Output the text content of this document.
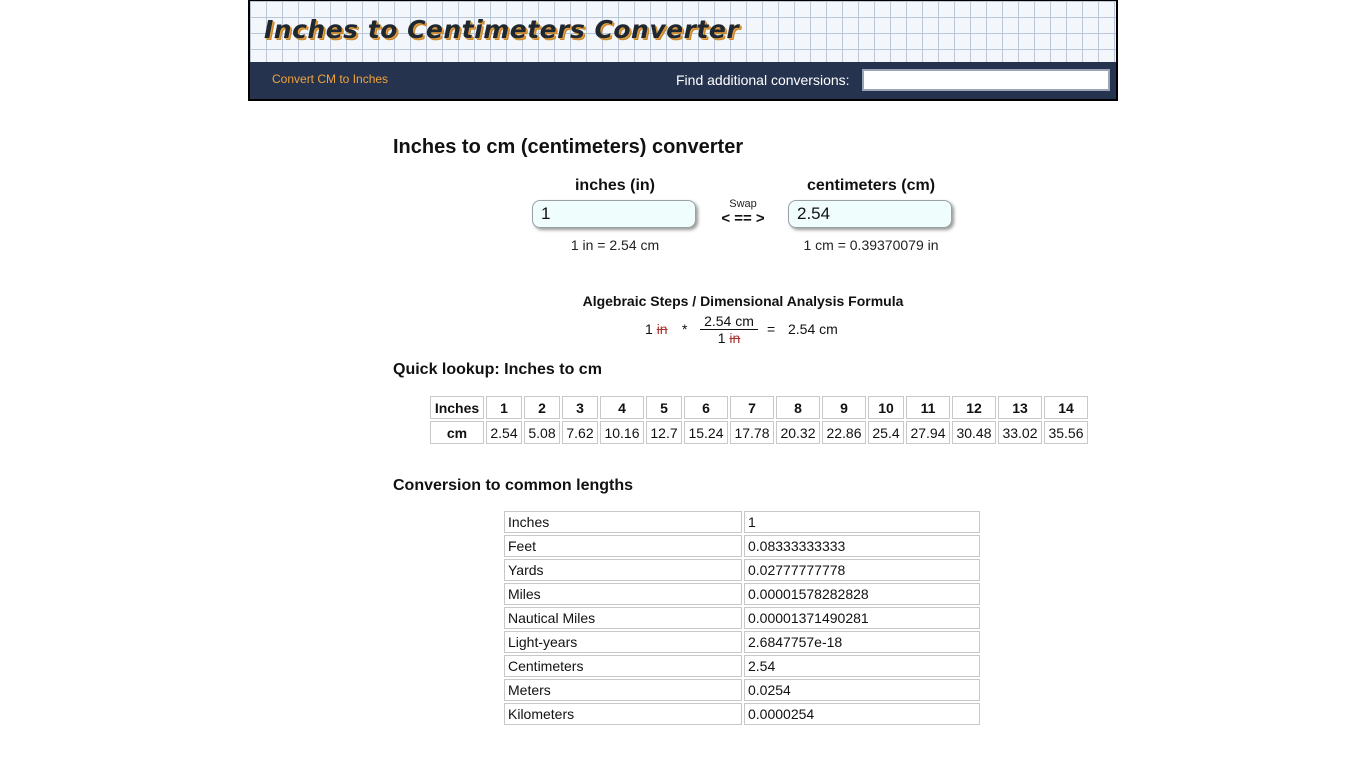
Inches to Centimeters Converter
Convert CM to Inches	Find additional conversions:
Inches to cm (centimeters) converter
inches (in)
1
1 in = 2.54 cm
Swap
< == >
centimeters (cm)
2.54
1 cm = 0.39370079 in
Algebraic Steps / Dimensional Analysis Formula
1 in * $\frac{2.54 cm}{1 in} = 2.54$ cm
Quick lookup: Inches to cm
Inches	1	2	3	4	5	6	7	8	9	10	11	12	13	14
cm	2.54	5.08	7.62	10.16	12.7	15.24	17.78	20.32	22.86	25.4	27.94	30.48	33.02	35.56
Conversion to common lengths
Inches	1
Feet	0.08333333333
Yards	0.02777777778
Miles	0.00001578282828
Nautical Miles	0.00001371490281
Light-years	2.6847757e-18
Centimeters	2.54
Meters	0.0254
Kilometers	0.0000254
